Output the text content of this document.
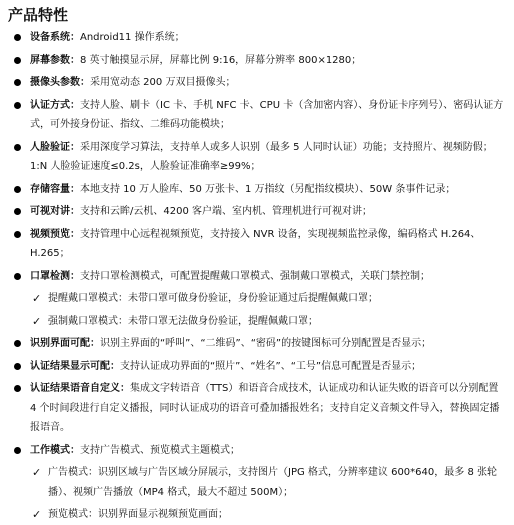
产品特性
设备系统：Android11 操作系统；
屏幕参数：8 英寸触摸显示屏，屏幕比例 9:16，屏幕分辨率 800×1280；
摄像头参数：采用宽动态 200 万双目摄像头；
认证方式：支持人脸、刷卡（IC 卡、手机 NFC 卡、CPU 卡（含加密内容）、身份证卡序列号）、密码认证方式，可外接身份证、指纹、二维码功能模块；
人脸验证：采用深度学习算法，支持单人或多人识别（最多 5 人同时认证）功能；支持照片、视频防假；1:N 人脸验证速度≤0.2s，人脸验证准确率≥99%；
存储容量：本地支持 10 万人脸库、50 万张卡、1 万指纹（另配指纹模块）、50W 条事件记录；
可视对讲：支持和云眸/云机、4200 客户端、室内机、管理机进行可视对讲；
视频预览：支持管理中心远程视频预览，支持接入 NVR 设备，实现视频监控录像，编码格式 H.264、H.265；
口罩检测：支持口罩检测模式，可配置提醒戴口罩模式、强制戴口罩模式，关联门禁控制；
✓ 提醒戴口罩模式：未带口罩可做身份验证，身份验证通过后提醒佩戴口罩；
✓ 强制戴口罩模式：未带口罩无法做身份验证，提醒佩戴口罩；
识别界面可配：识别主界面的“呼叫”、“二维码”、“密码”的按键图标可分别配置是否显示；
认证结果显示可配：支持认证成功界面的“照片”、“姓名”、“工号”信息可配置是否显示；
认证结果语音自定义：集成文字转语音（TTS）和语音合成技术，认证成功和认证失败的语音可以分别配置 4 个时间段进行自定义播报，同时认证成功的语音可叠加播报姓名；支持自定义音频文件导入，替换固定播报语音。
工作模式：支持广告模式、预览模式主题模式；
✓ 广告模式：识别区域与广告区域分屏展示，支持图片（JPG 格式，分辨率建议 600*640，最多 8 张轮播）、视频广告播放（MP4 格式，最大不超过 500M）；
✓ 预览模式：识别界面显示视频预览画面；
